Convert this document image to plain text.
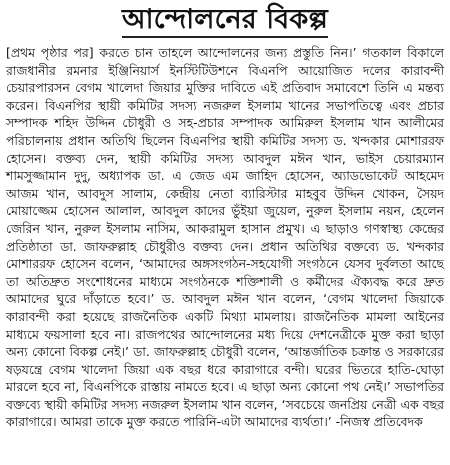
আন্দোলনের বিকল্প
[প্রথম পৃষ্ঠার পর] করতে চান তাহলে আন্দোলনের জন্য প্রস্তুতি নিন।’ গতকাল বিকালে রাজধানীর রমনার ইঞ্জিনিয়ার্স ইনস্টিটিউশনে বিএনপি আয়োজিত দলের কারাবন্দী চেয়ারপারসন বেগম খালেদা জিয়ার মুক্তির দাবিতে এই প্রতিবাদ সমাবেশে তিনি এ মন্তব্য করেন। বিএনপির স্থায়ী কমিটির সদস্য নজরুল ইসলাম খানের সভাপতিত্বে এবং প্রচার সম্পাদক শহিদ উদ্দিন চৌধুরী ও সহ-প্রচার সম্পাদক আমিরুল ইসলাম খান আলীমের পরিচালনায় প্রধান অতিথি ছিলেন বিএনপির স্থায়ী কমিটির সদস্য ড. খন্দকার মোশাররফ হোসেন। বক্তব্য দেন, স্থায়ী কমিটির সদস্য আবদুল মঈন খান, ভাইস চেয়ারম্যান শামসুজ্জামান দুদু, অধ্যাপক ডা. এ জেড এম জাহিদ হোসেন, অ্যাডভোকেট আহমেদ আজম খান, আবদুস সালাম, কেন্দ্রীয় নেতা ব্যারিস্টার মাহবুব উদ্দিন খোকন, সৈয়দ মোয়াজ্জেম হোসেন আলাল, আবদুল কাদের ভুঁইয়া জুয়েল, নুরুল ইসলাম নয়ন, হেলেন জেরিন খান, নুরুল ইসলাম নাসিম, আকরামুল হাসান প্রমুখ। এ ছাড়াও গণস্বাস্থ্য কেন্দ্রের প্রতিষ্ঠাতা ডা. জাফরুল্লাহ চৌধুরীও বক্তব্য দেন। প্রধান অতিথির বক্তব্যে ড. খন্দকার মোশাররফ হোসেন বলেন, ‘আমাদের অঙ্গসংগঠন-সহযোগী সংগঠনে যেসব দুর্বলতা আছে তা অতিদ্রুত সংশোধনের মাধ্যমে সংগঠনকে শক্তিশালী ও কর্মীদের ঐক্যবদ্ধ করে দ্রুত আমাদের ঘুরে দাঁড়াতে হবে।’ ড. আবদুল মঈন খান বলেন, ‘বেগম খালেদা জিয়াকে কারাবন্দী করা হয়েছে রাজনৈতিক একটি মিথ্যা মামলায়। রাজনৈতিক মামলা আইনের মাধ্যমে ফয়সালা হবে না। রাজপথের আন্দোলনের মধ্য দিয়ে দেশনেত্রীকে মুক্ত করা ছাড়া অন্য কোনো বিকল্প নেই।’ ডা. জাফরুল্লাহ চৌধুরী বলেন, ‘আন্তর্জাতিক চক্রান্ত ও সরকারের ষড়যন্ত্রে বেগম খালেদা জিয়া এক বছর ধরে কারাগারে বন্দী। ঘরের ভিতরে হাতি-ঘোড়া মারলে হবে না, বিএনপিকে রাস্তায় নামতে হবে। এ ছাড়া অন্য কোনো পথ নেই।’ সভাপতির বক্তব্যে স্থায়ী কমিটির সদস্য নজরুল ইসলাম খান বলেন, ‘সবচেয়ে জনপ্রিয় নেত্রী এক বছর কারাগারে। আমরা তাকে মুক্ত করতে পারিনি-এটা আমাদের ব্যর্থতা।’ -নিজস্ব প্রতিবেদক
